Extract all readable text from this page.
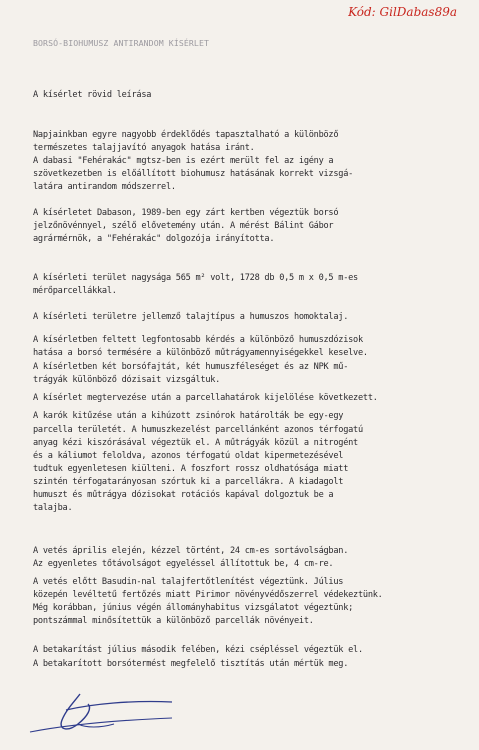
Kód: GilDabas89a
BORSÓ-BIOHUMUSZ ANTIRANDOM KÍSÉRLET
A kísérlet rövid leírása
Napjainkban egyre nagyobb érdeklődés tapasztalható a különböző
természetes talajjavító anyagok hatása iránt.
A dabasi "Fehérakác" mgtsz-ben is ezért merült fel az igény a
szövetkezetben is előállított biohumusz hatásának korrekt vizsgá-
latára antirandom módszerrel.
A kísérletet Dabason, 1989-ben egy zárt kertben végeztük borsó
jelzőnövénnyel, szélő elővetemény után. A mérést Bálint Gábor
agrármérnök, a "Fehérakác" dolgozója irányította.
A kísérleti terület nagysága 565 m² volt, 1728 db 0,5 m x 0,5 m-es
mérőparcellákkal.
A kísérleti területre jellemző talajtípus a humuszos homoktalaj.
A kísérletben feltett legfontosabb kérdés a különböző humuszdózisok
hatása a borsó termésére a különböző műtrágyamennyiségekkel keselve.
A kísérletben két borsófajtát, két humuszféleséget és az NPK mű-
trágyák különböző dózisait vizsgáltuk.
A kísérlet megtervezése után a parcellahatárok kijelölése következett.
A karók kitűzése után a kihúzott zsinórok határolták be egy-egy
parcella területét. A humuszkezelést parcellánként azonos térfogatú
anyag kézi kiszórásával végeztük el. A műtrágyák közül a nitrogént
és a káliumot feloldva, azonos térfogatú oldat kipermetezésével
tudtuk egyenletesen kiülteni. A foszfort rossz oldhatósága miatt
szintén térfogatarányosan szórtuk ki a parcellákra. A kiadagolt
humuszt és műtrágya dózisokat rotációs kapával dolgoztuk be a
talajba.
A vetés április elején, kézzel történt, 24 cm-es sortávolságban.
Az egyenletes tőtávolságot egyeléssel állítottuk be, 4 cm-re.
A vetés előtt Basudin-nal talajfertőtlenítést végeztünk. Július
közepén levéltetű fertőzés miatt Pirimor növényvédőszerrel védekeztünk.
Még korábban, június végén állományhabitus vizsgálatot végeztünk;
pontszámmal minősítettük a különböző parcellák növényeit.
A betakarítást július második felében, kézi csépléssel végeztük el.
A betakarított borsótermést megfelelő tisztítás után mértük meg.
